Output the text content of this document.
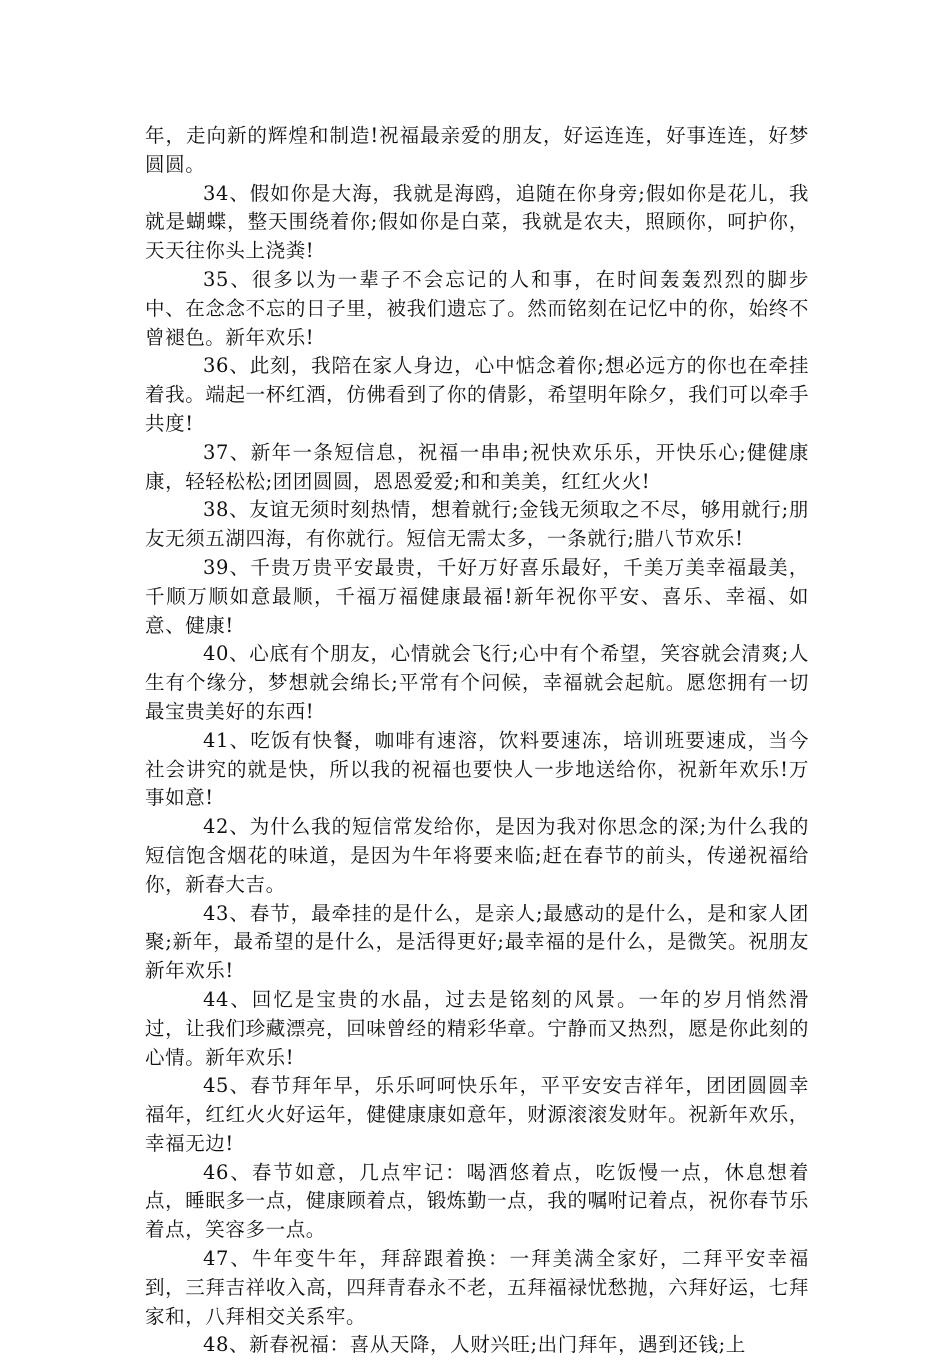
年，走向新的辉煌和制造!祝福最亲爱的朋友，好运连连，好事连连，好梦圆圆。

34、假如你是大海，我就是海鸥，追随在你身旁;假如你是花儿，我就是蝴蝶，整天围绕着你;假如你是白菜，我就是农夫，照顾你，呵护你，天天往你头上浇粪!

35、很多以为一辈子不会忘记的人和事，在时间轰轰烈烈的脚步中、在念念不忘的日子里，被我们遗忘了。然而铭刻在记忆中的你，始终不曾褪色。新年欢乐!

36、此刻，我陪在家人身边，心中惦念着你;想必远方的你也在牵挂着我。端起一杯红酒，仿佛看到了你的倩影，希望明年除夕，我们可以牵手共度!

37、新年一条短信息，祝福一串串;祝快欢乐乐，开快乐心;健健康康，轻轻松松;团团圆圆，恩恩爱爱;和和美美，红红火火!

38、友谊无须时刻热情，想着就行;金钱无须取之不尽，够用就行;朋友无须五湖四海，有你就行。短信无需太多，一条就行;腊八节欢乐!

39、千贵万贵平安最贵，千好万好喜乐最好，千美万美幸福最美，千顺万顺如意最顺，千福万福健康最福!新年祝你平安、喜乐、幸福、如意、健康!

40、心底有个朋友，心情就会飞行;心中有个希望，笑容就会清爽;人生有个缘分，梦想就会绵长;平常有个问候，幸福就会起航。愿您拥有一切最宝贵美好的东西!

41、吃饭有快餐，咖啡有速溶，饮料要速冻，培训班要速成，当今社会讲究的就是快，所以我的祝福也要快人一步地送给你，祝新年欢乐!万事如意!

42、为什么我的短信常发给你，是因为我对你思念的深;为什么我的短信饱含烟花的味道，是因为牛年将要来临;赶在春节的前头，传递祝福给你，新春大吉。

43、春节，最牵挂的是什么，是亲人;最感动的是什么，是和家人团聚;新年，最希望的是什么，是活得更好;最幸福的是什么，是微笑。祝朋友新年欢乐!

44、回忆是宝贵的水晶，过去是铭刻的风景。一年的岁月悄然滑过，让我们珍藏漂亮，回味曾经的精彩华章。宁静而又热烈，愿是你此刻的心情。新年欢乐!

45、春节拜年早，乐乐呵呵快乐年，平平安安吉祥年，团团圆圆幸福年，红红火火好运年，健健康康如意年，财源滚滚发财年。祝新年欢乐，幸福无边!

46、春节如意，几点牢记：喝酒悠着点，吃饭慢一点，休息想着点，睡眠多一点，健康顾着点，锻炼勤一点，我的嘱咐记着点，祝你春节乐着点，笑容多一点。

47、牛年变牛年，拜辞跟着换：一拜美满全家好，二拜平安幸福到，三拜吉祥收入高，四拜青春永不老，五拜福禄忧愁抛，六拜好运，七拜家和，八拜相交关系牢。

48、新春祝福：喜从天降，人财兴旺;出门拜年，遇到还钱;上
